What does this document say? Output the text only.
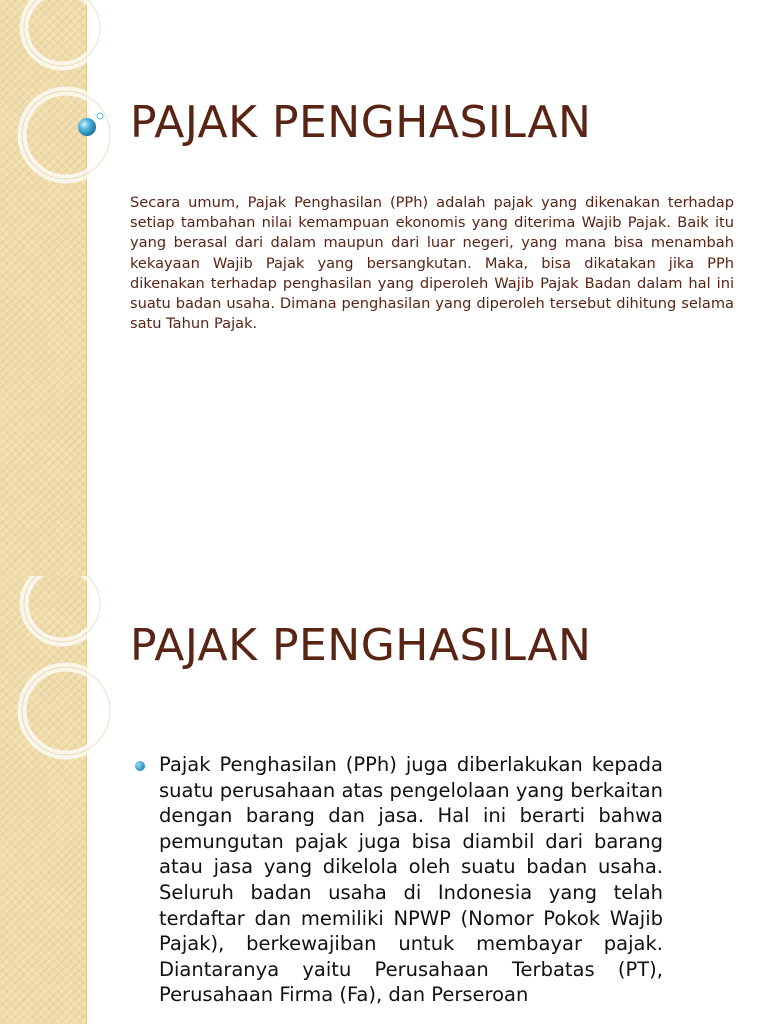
PAJAK PENGHASILAN

Secara umum, Pajak Penghasilan (PPh) adalah pajak yang dikenakan terhadap setiap tambahan nilai kemampuan ekonomis yang diterima Wajib Pajak. Baik itu yang berasal dari dalam maupun dari luar negeri, yang mana bisa menambah kekayaan Wajib Pajak yang bersangkutan. Maka, bisa dikatakan jika PPh dikenakan terhadap penghasilan yang diperoleh Wajib Pajak Badan dalam hal ini suatu badan usaha. Dimana penghasilan yang diperoleh tersebut dihitung selama satu Tahun Pajak.

PAJAK PENGHASILAN

Pajak Penghasilan (PPh) juga diberlakukan kepada suatu perusahaan atas pengelolaan yang berkaitan dengan barang dan jasa. Hal ini berarti bahwa pemungutan pajak juga bisa diambil dari barang atau jasa yang dikelola oleh suatu badan usaha. Seluruh badan usaha di Indonesia yang telah terdaftar dan memiliki NPWP (Nomor Pokok Wajib Pajak), berkewajiban untuk membayar pajak. Diantaranya yaitu Perusahaan Terbatas (PT), Perusahaan Firma (Fa), dan Perseroan
